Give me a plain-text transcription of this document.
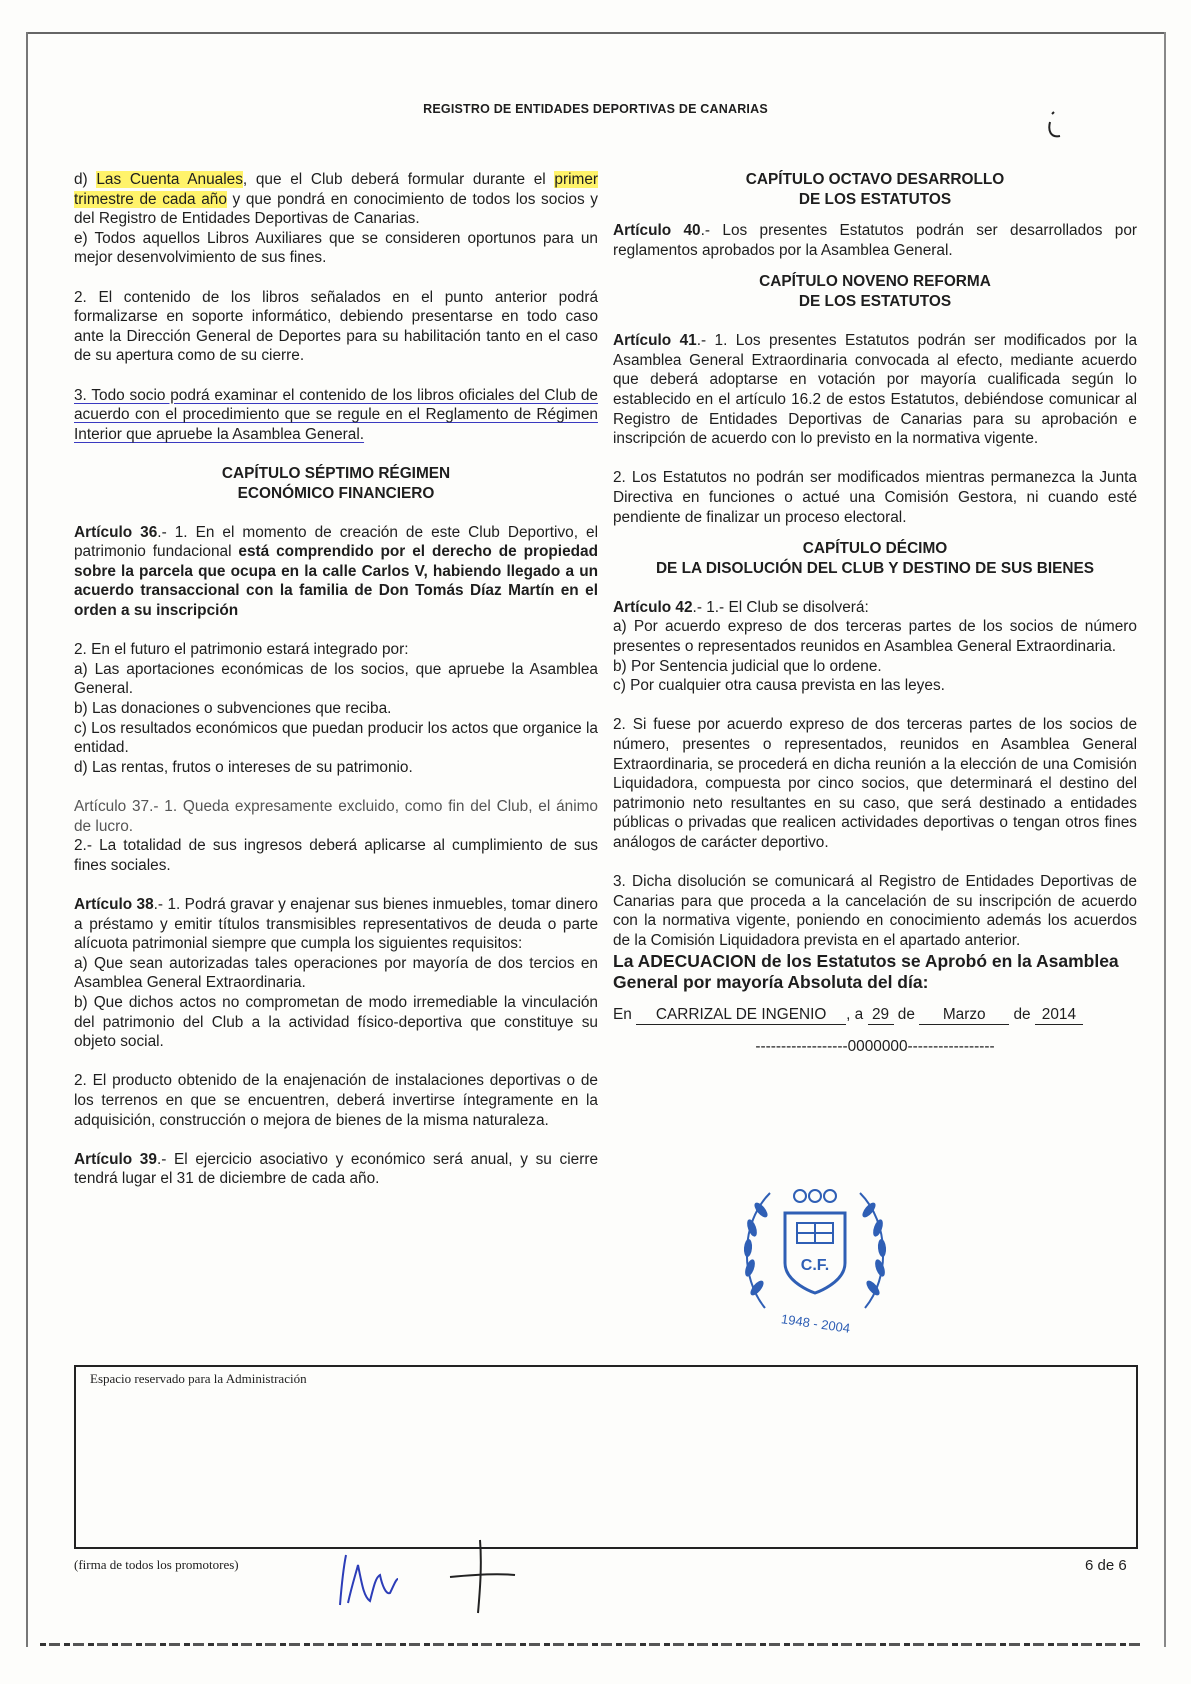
REGISTRO DE ENTIDADES DEPORTIVAS DE CANARIAS

d) Las Cuenta Anuales, que el Club deberá formular durante el primer trimestre de cada año y que pondrá en conocimiento de todos los socios y del Registro de Entidades Deportivas de Canarias.

e) Todos aquellos Libros Auxiliares que se consideren oportunos para un mejor desenvolvimiento de sus fines.

2. El contenido de los libros señalados en el punto anterior podrá formalizarse en soporte informático, debiendo presentarse en todo caso ante la Dirección General de Deportes para su habilitación tanto en el caso de su apertura como de su cierre.

3. Todo socio podrá examinar el contenido de los libros oficiales del Club de acuerdo con el procedimiento que se regule en el Reglamento de Régimen Interior que apruebe la Asamblea General.

CAPÍTULO SÉPTIMO RÉGIMEN
ECONÓMICO FINANCIERO

Artículo 36.- 1. En el momento de creación de este Club Deportivo, el patrimonio fundacional está comprendido por el derecho de propiedad sobre la parcela que ocupa en la calle Carlos V, habiendo llegado a un acuerdo transaccional con la familia de Don Tomás Díaz Martín en el orden a su inscripción

2. En el futuro el patrimonio estará integrado por:

a) Las aportaciones económicas de los socios, que apruebe la Asamblea General.

b) Las donaciones o subvenciones que reciba.

c) Los resultados económicos que puedan producir los actos que organice la entidad.

d) Las rentas, frutos o intereses de su patrimonio.

Artículo 37.- 1. Queda expresamente excluido, como fin del Club, el ánimo de lucro.

2.- La totalidad de sus ingresos deberá aplicarse al cumplimiento de sus fines sociales.

Artículo 38.- 1. Podrá gravar y enajenar sus bienes inmuebles, tomar dinero a préstamo y emitir títulos transmisibles representativos de deuda o parte alícuota patrimonial siempre que cumpla los siguientes requisitos:

a) Que sean autorizadas tales operaciones por mayoría de dos tercios en Asamblea General Extraordinaria.

b) Que dichos actos no comprometan de modo irremediable la vinculación del patrimonio del Club a la actividad físico-deportiva que constituye su objeto social.

2. El producto obtenido de la enajenación de instalaciones deportivas o de los terrenos en que se encuentren, deberá invertirse íntegramente en la adquisición, construcción o mejora de bienes de la misma naturaleza.

Artículo 39.- El ejercicio asociativo y económico será anual, y su cierre tendrá lugar el 31 de diciembre de cada año.

CAPÍTULO OCTAVO DESARROLLO
DE LOS ESTATUTOS

Artículo 40.- Los presentes Estatutos podrán ser desarrollados por reglamentos aprobados por la Asamblea General.

CAPÍTULO NOVENO REFORMA
DE LOS ESTATUTOS

Artículo 41.- 1. Los presentes Estatutos podrán ser modificados por la Asamblea General Extraordinaria convocada al efecto, mediante acuerdo que deberá adoptarse en votación por mayoría cualificada según lo establecido en el artículo 16.2 de estos Estatutos, debiéndose comunicar al Registro de Entidades Deportivas de Canarias para su aprobación e inscripción de acuerdo con lo previsto en la normativa vigente.

2. Los Estatutos no podrán ser modificados mientras permanezca la Junta Directiva en funciones o actué una Comisión Gestora, ni cuando esté pendiente de finalizar un proceso electoral.

CAPÍTULO DÉCIMO
DE LA DISOLUCIÓN DEL CLUB Y DESTINO DE SUS BIENES

Artículo 42.- 1.- El Club se disolverá:

a) Por acuerdo expreso de dos terceras partes de los socios de número presentes o representados reunidos en Asamblea General Extraordinaria.

b) Por Sentencia judicial que lo ordene.

c) Por cualquier otra causa prevista en las leyes.

2. Si fuese por acuerdo expreso de dos terceras partes de los socios de número, presentes o representados, reunidos en Asamblea General Extraordinaria, se procederá en dicha reunión a la elección de una Comisión Liquidadora, compuesta por cinco socios, que determinará el destino del patrimonio neto resultantes en su caso, que será destinado a entidades públicas o privadas que realicen actividades deportivas o tengan otros fines análogos de carácter deportivo.

3. Dicha disolución se comunicará al Registro de Entidades Deportivas de Canarias para que proceda a la cancelación de su inscripción de acuerdo con la normativa vigente, poniendo en conocimiento además los acuerdos de la Comisión Liquidadora prevista en el apartado anterior.

La ADECUACION de los Estatutos se Aprobó en la Asamblea General por mayoría Absoluta del día:

En CARRIZAL DE INGENIO , a 29 de Marzo de 2014

------------------0000000-----------------

C.F.
1948 - 2004
Espacio reservado para la Administración
(firma de todos los promotores)	6 de 6
